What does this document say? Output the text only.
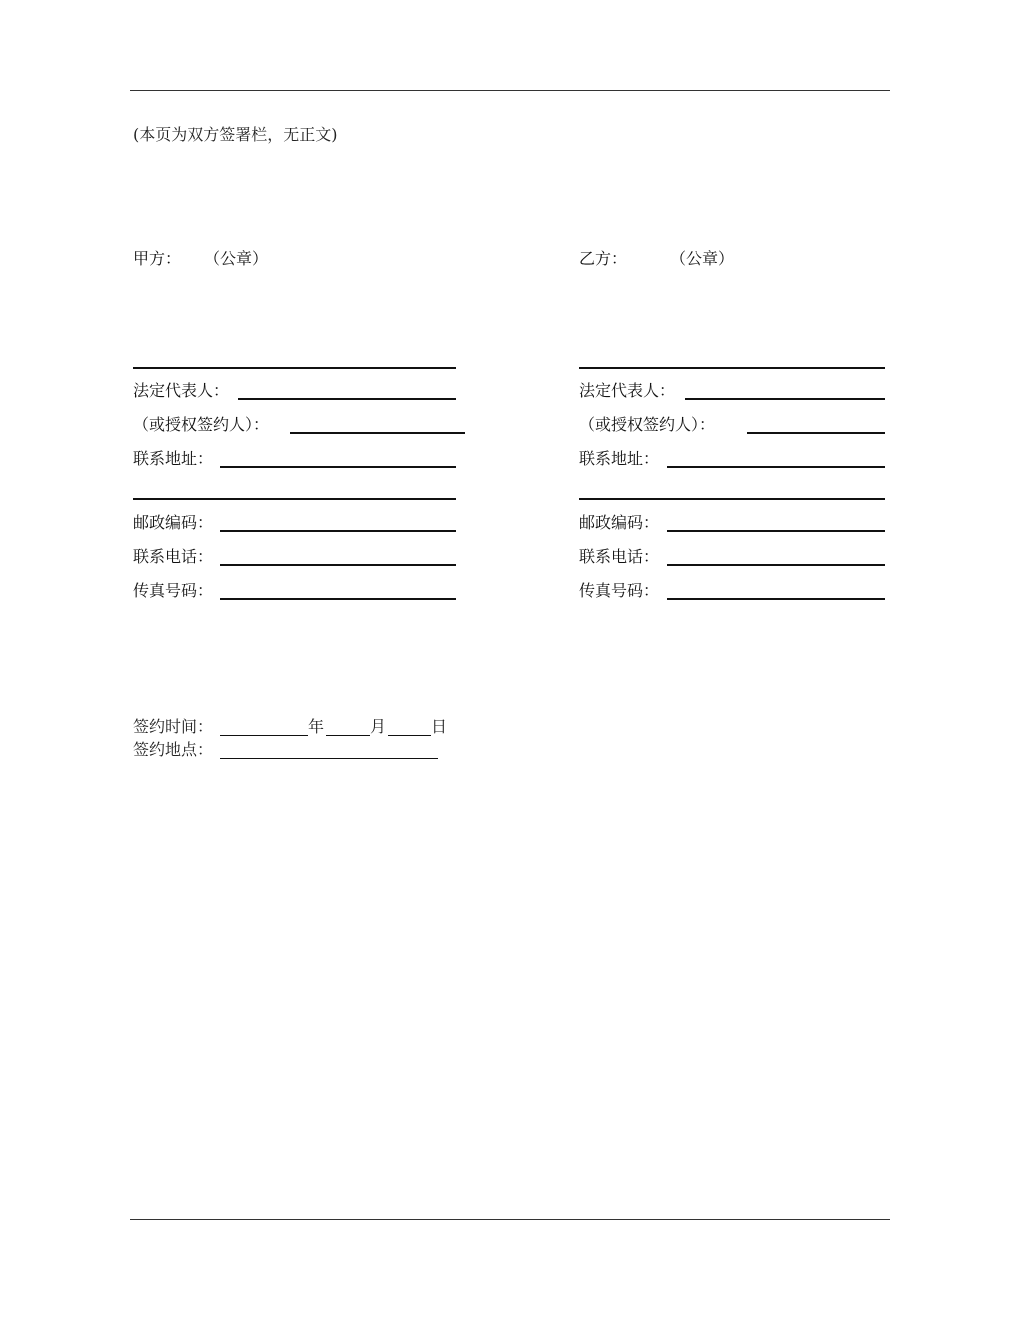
(本页为双方签署栏，无正文)
甲方： （公章）
法定代表人：
（或授权签约人）：
联系地址：
邮政编码：
联系电话：
传真号码：
乙方：	（公章）
法定代表人：
（或授权签约人）：
联系地址：
邮政编码：
联系电话：
传真号码：
签约时间：	年	月	日
签约地点：
